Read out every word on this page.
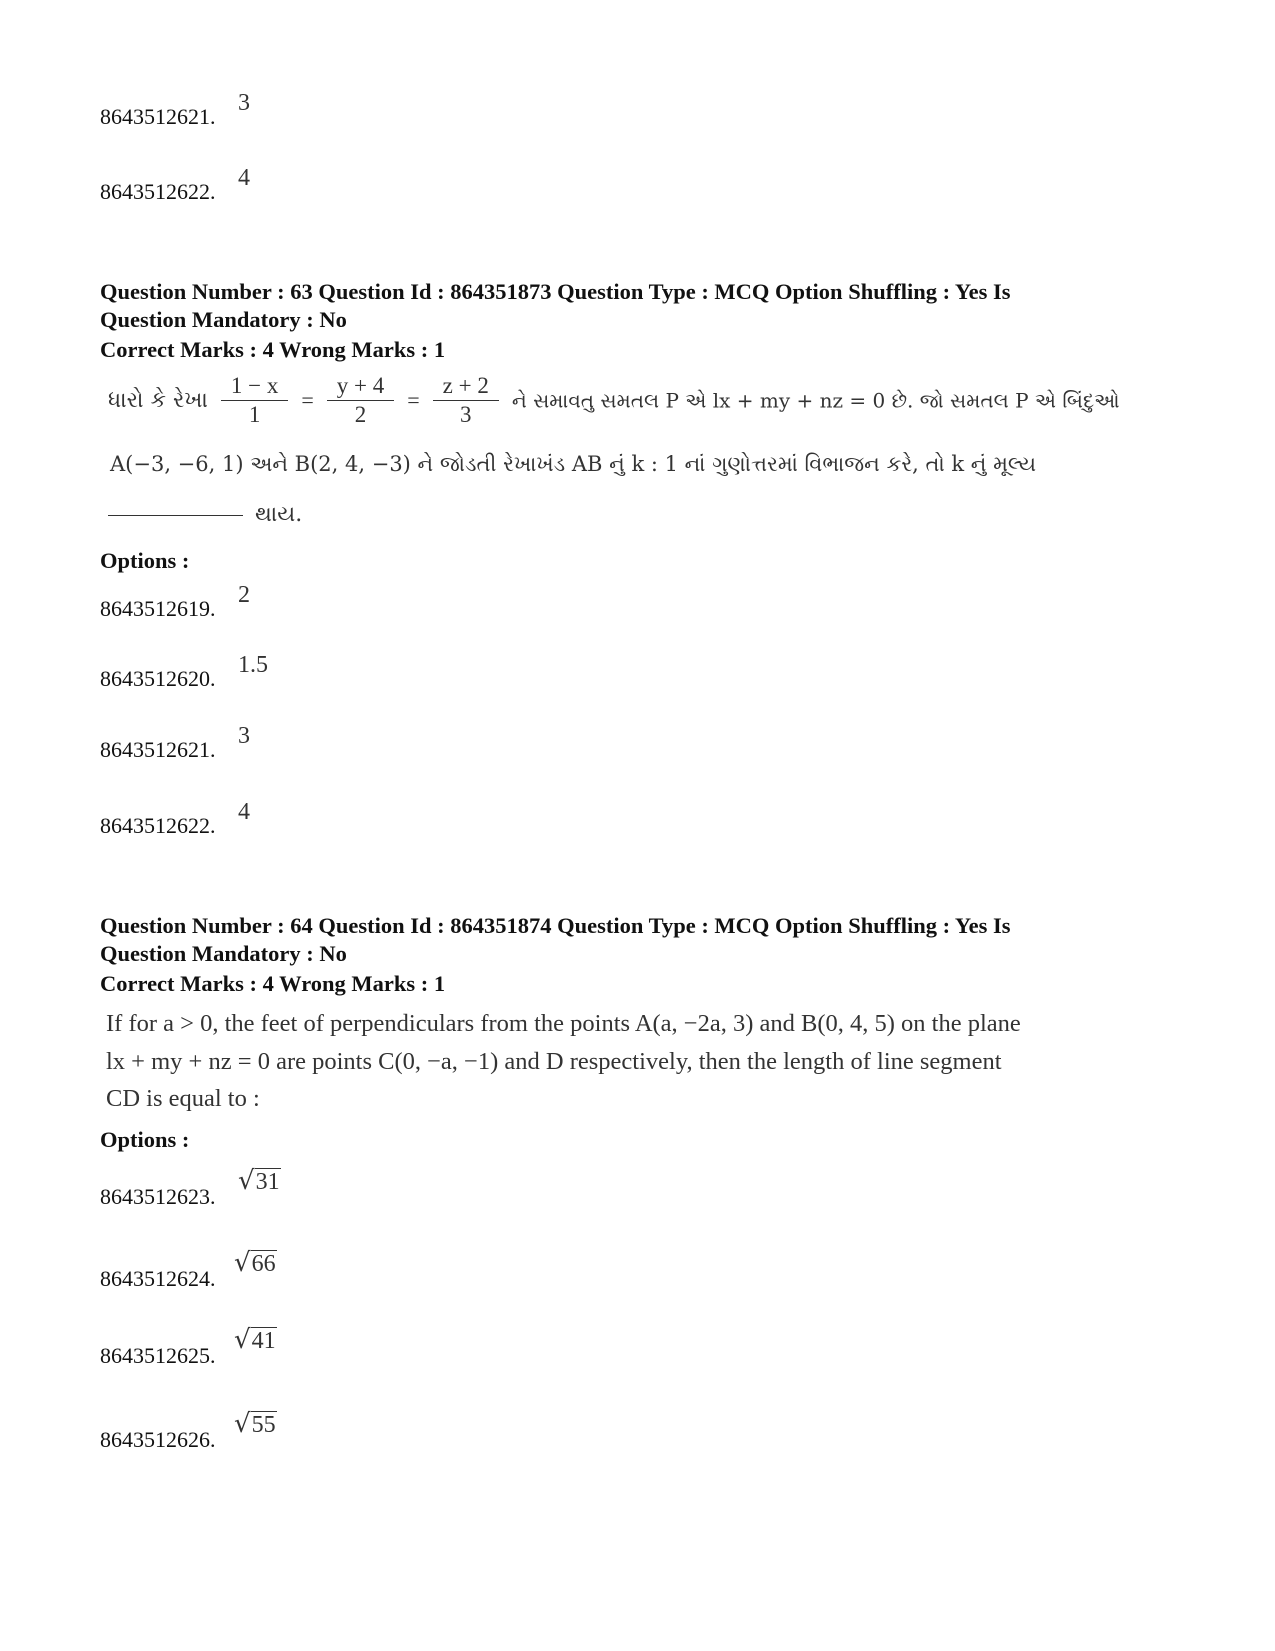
8643512621.
3
8643512622.
4
Question Number : 63 Question Id : 864351873 Question Type : MCQ Option Shuffling : Yes Is
Question Mandatory : No
Correct Marks : 4 Wrong Marks : 1
ધારો કે રેખા $\frac{1 - x}{1} = \frac{y + 4}{2} = \frac{z + 2}{3}$ ને સમાવતુ સમતલ P એ lx + my + nz = 0 છે. જો સમતલ P એ બિંદુઓ
A(−3, −6, 1) અને B(2, 4, −3) ને જોડતી રેખાખંડ AB નું k : 1 નાં ગુણોત્તરમાં વિભાજન કરે, તો k નું મૂલ્ય
થાય.
Options :
8643512619.
2
8643512620.
1.5
8643512621.
3
8643512622.
4
Question Number : 64 Question Id : 864351874 Question Type : MCQ Option Shuffling : Yes Is
Question Mandatory : No
Correct Marks : 4 Wrong Marks : 1
If for a > 0, the feet of perpendiculars from the points A(a, −2a, 3) and B(0, 4, 5) on the plane
lx + my + nz = 0 are points C(0, −a, −1) and D respectively, then the length of line segment
CD is equal to :
Options :
8643512623.
√31
8643512624.
√66
8643512625.
√41
8643512626.
√55
